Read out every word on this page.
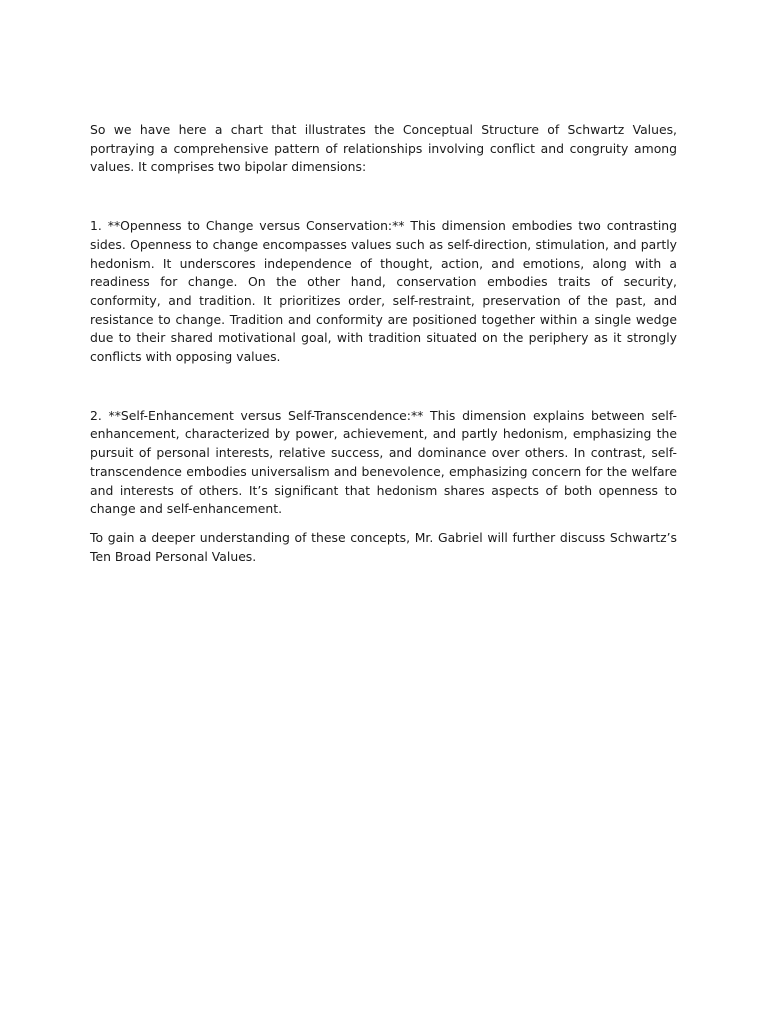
So we have here a chart that illustrates the Conceptual Structure of Schwartz Values, portraying a comprehensive pattern of relationships involving conflict and congruity among values. It comprises two bipolar dimensions:

1. **Openness to Change versus Conservation:** This dimension embodies two contrasting sides. Openness to change encompasses values such as self-direction, stimulation, and partly hedonism. It underscores independence of thought, action, and emotions, along with a readiness for change. On the other hand, conservation embodies traits of security, conformity, and tradition. It prioritizes order, self-restraint, preservation of the past, and resistance to change. Tradition and conformity are positioned together within a single wedge due to their shared motivational goal, with tradition situated on the periphery as it strongly conflicts with opposing values.

2. **Self-Enhancement versus Self-Transcendence:** This dimension explains between self-enhancement, characterized by power, achievement, and partly hedonism, emphasizing the pursuit of personal interests, relative success, and dominance over others. In contrast, self-transcendence embodies universalism and benevolence, emphasizing concern for the welfare and interests of others. It’s significant that hedonism shares aspects of both openness to change and self-enhancement.

To gain a deeper understanding of these concepts, Mr. Gabriel will further discuss Schwartz’s Ten Broad Personal Values.
